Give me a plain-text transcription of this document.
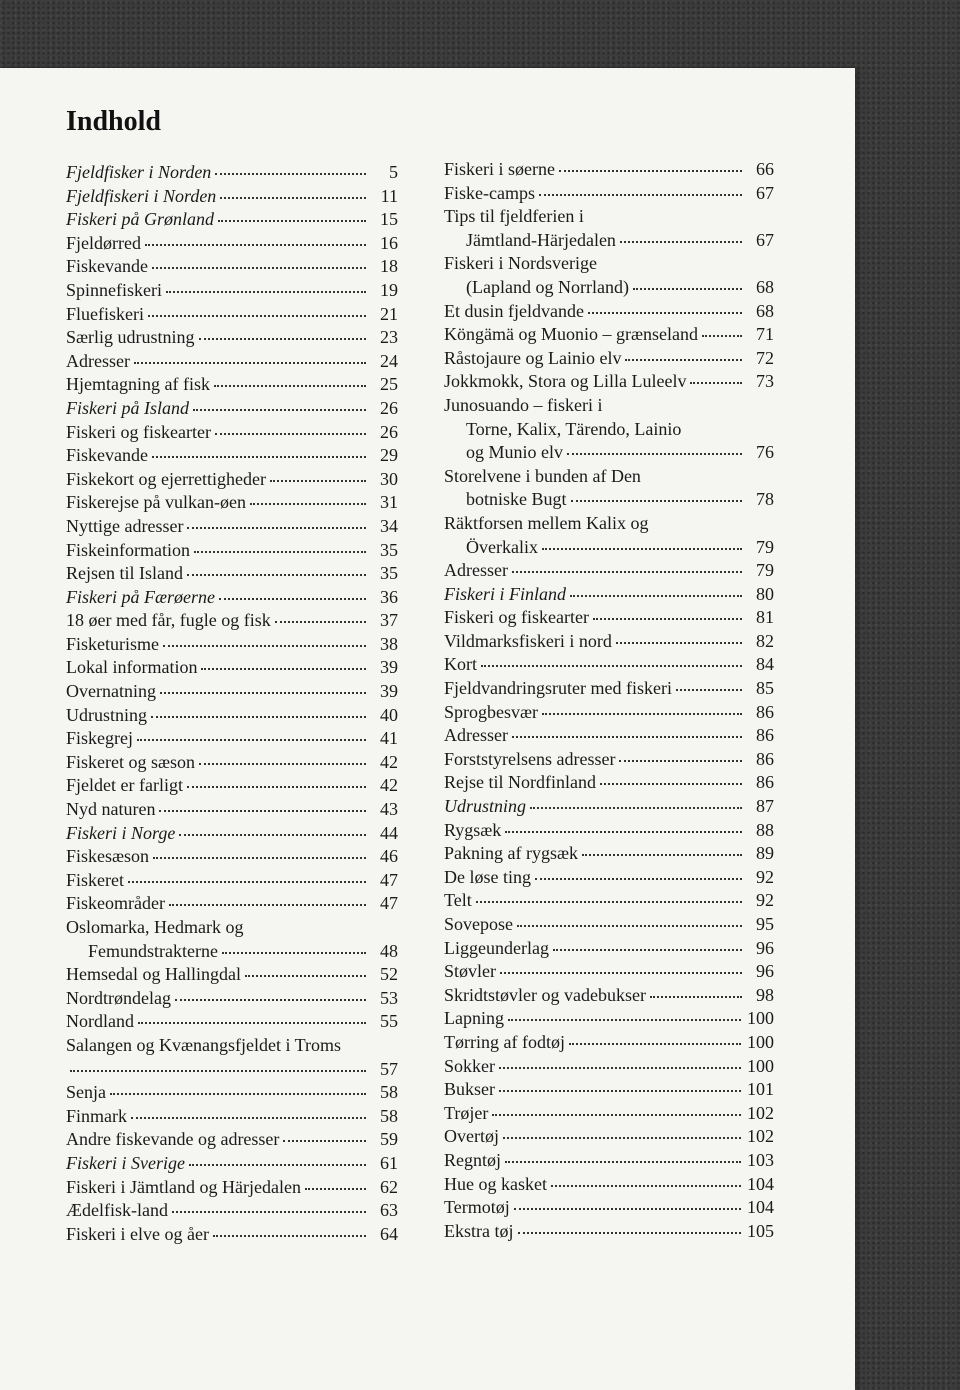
Indhold
Fjeldfisker i Norden	5
Fjeldfiskeri i Norden	11
Fiskeri på Grønland	15
Fjeldørred	16
Fiskevande	18
Spinnefiskeri	19
Fluefiskeri	21
Særlig udrustning	23
Adresser	24
Hjemtagning af fisk	25
Fiskeri på Island	26
Fiskeri og fiskearter	26
Fiskevande	29
Fiskekort og ejerrettigheder	30
Fiskerejse på vulkan-øen	31
Nyttige adresser	34
Fiskeinformation	35
Rejsen til Island	35
Fiskeri på Færøerne	36
18 øer med får, fugle og fisk	37
Fisketurisme	38
Lokal information	39
Overnatning	39
Udrustning	40
Fiskegrej	41
Fiskeret og sæson	42
Fjeldet er farligt	42
Nyd naturen	43
Fiskeri i Norge	44
Fiskesæson	46
Fiskeret	47
Fiskeområder	47
Oslomarka, Hedmark og
Femundstrakterne	48
Hemsedal og Hallingdal	52
Nordtrøndelag	53
Nordland	55
Salangen og Kvænangsfjeldet i Troms
57
Senja	58
Finmark	58
Andre fiskevande og adresser	59
Fiskeri i Sverige	61
Fiskeri i Jämtland og Härjedalen	62
Ædelfisk-land	63
Fiskeri i elve og åer	64
Fiskeri i søerne	66
Fiske-camps	67
Tips til fjeldferien i
Jämtland-Härjedalen	67
Fiskeri i Nordsverige
(Lapland og Norrland)	68
Et dusin fjeldvande	68
Köngämä og Muonio – grænseland	71
Råstojaure og Lainio elv	72
Jokkmokk, Stora og Lilla Luleelv	73
Junosuando – fiskeri i
Torne, Kalix, Tärendo, Lainio
og Munio elv	76
Storelvene i bunden af Den
botniske Bugt	78
Räktforsen mellem Kalix og
Överkalix	79
Adresser	79
Fiskeri i Finland	80
Fiskeri og fiskearter	81
Vildmarksfiskeri i nord	82
Kort	84
Fjeldvandringsruter med fiskeri	85
Sprogbesvær	86
Adresser	86
Forststyrelsens adresser	86
Rejse til Nordfinland	86
Udrustning	87
Rygsæk	88
Pakning af rygsæk	89
De løse ting	92
Telt	92
Sovepose	95
Liggeunderlag	96
Støvler	96
Skridtstøvler og vadebukser	98
Lapning	100
Tørring af fodtøj	100
Sokker	100
Bukser	101
Trøjer	102
Overtøj	102
Regntøj	103
Hue og kasket	104
Termotøj	104
Ekstra tøj	105
